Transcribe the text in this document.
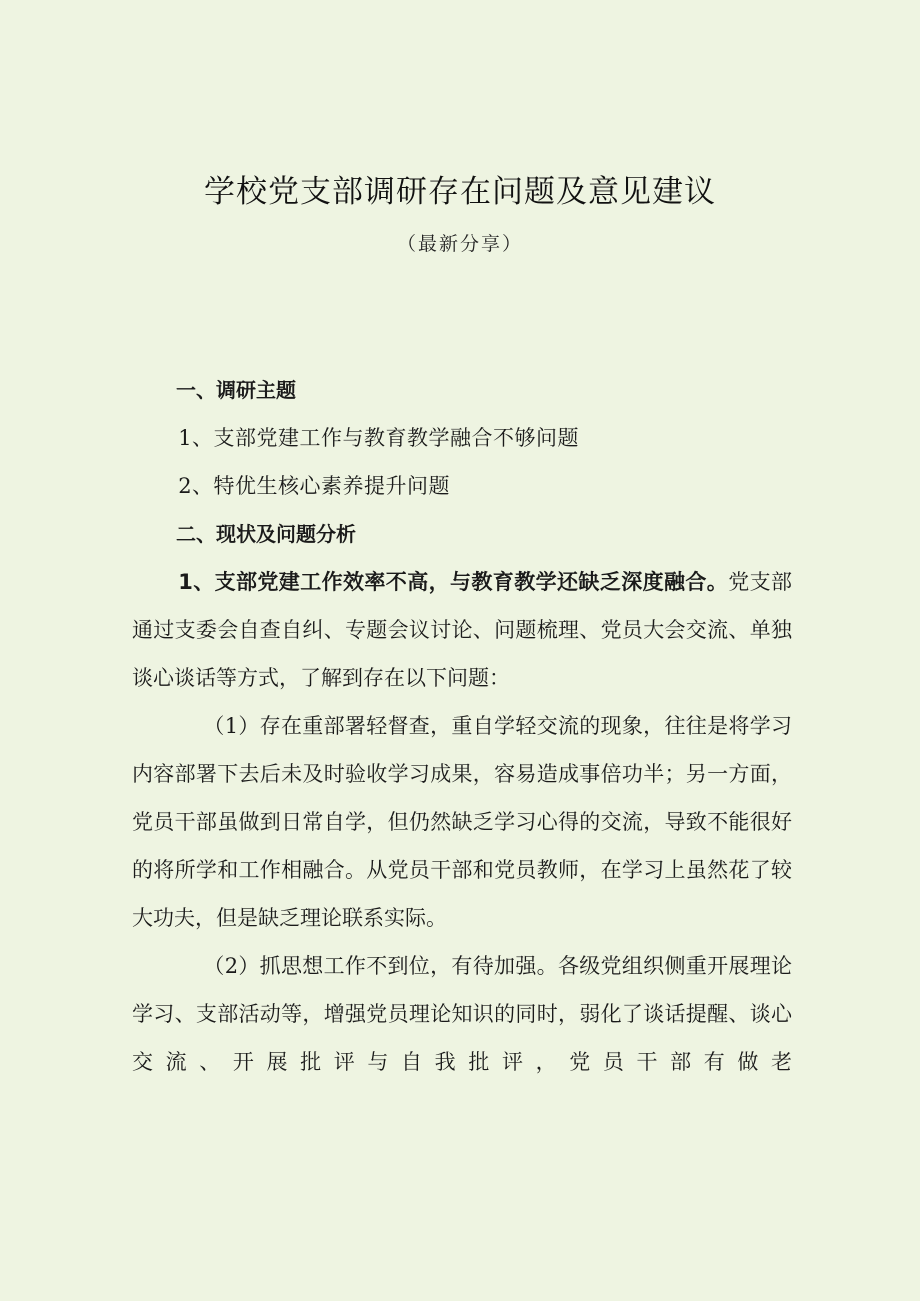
学校党支部调研存在问题及意见建议
（最新分享）

一、调研主题

1、支部党建工作与教育教学融合不够问题

2、特优生核心素养提升问题

二、现状及问题分析

1、支部党建工作效率不高，与教育教学还缺乏深度融合。党支部通过支委会自查自纠、专题会议讨论、问题梳理、党员大会交流、单独谈心谈话等方式，了解到存在以下问题：

（1）存在重部署轻督查，重自学轻交流的现象，往往是将学习内容部署下去后未及时验收学习成果，容易造成事倍功半；另一方面，党员干部虽做到日常自学，但仍然缺乏学习心得的交流，导致不能很好的将所学和工作相融合。从党员干部和党员教师，在学习上虽然花了较大功夫，但是缺乏理论联系实际。

（2）抓思想工作不到位，有待加强。各级党组织侧重开展理论学习、支部活动等，增强党员理论知识的同时，弱化了谈话提醒、谈心交流、开展批评与自我批评，党员干部有做老
